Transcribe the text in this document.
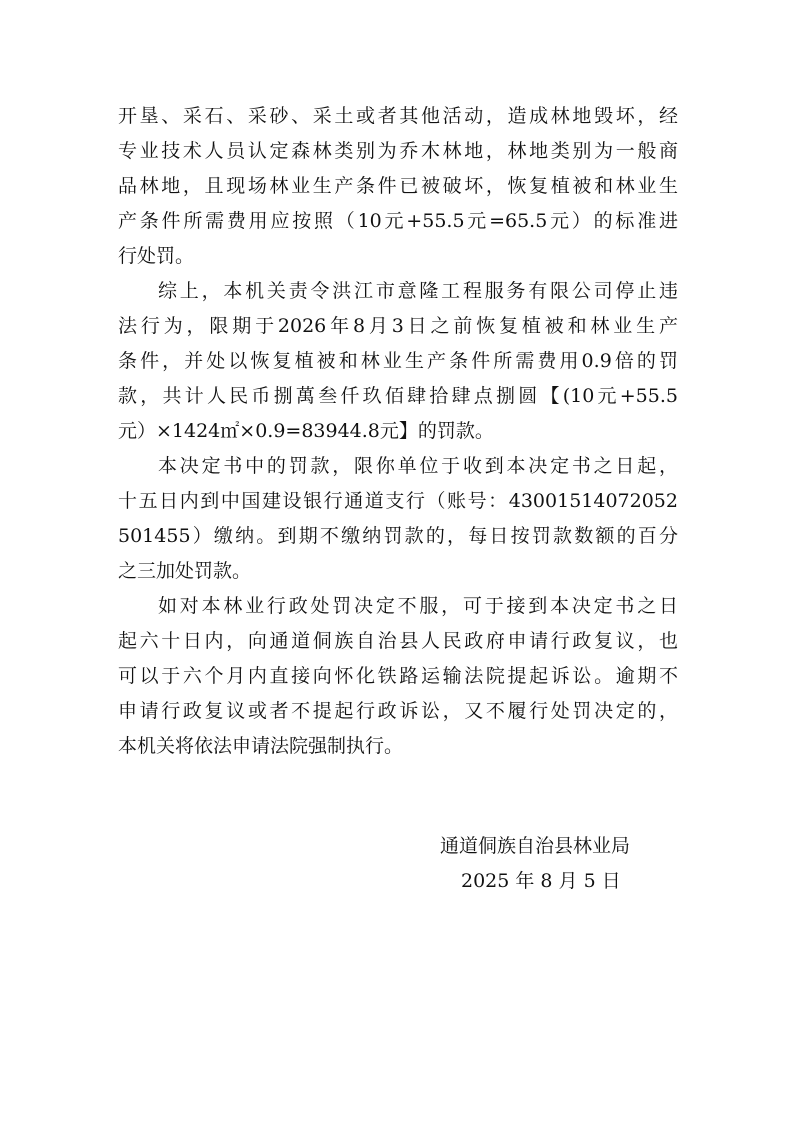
开垦、采石、采砂、采土或者其他活动，造成林地毁坏，经
专业技术人员认定森林类别为乔木林地，林地类别为一般商
品林地，且现场林业生产条件已被破坏，恢复植被和林业生
产条件所需费用应按照（10元+55.5元=65.5元）的标准进
行处罚。
综上，本机关责令洪江市意隆工程服务有限公司停止违
法行为，限期于2026年8月3日之前恢复植被和林业生产
条件，并处以恢复植被和林业生产条件所需费用0.9倍的罚
款，共计人民币捌萬叁仟玖佰肆拾肆点捌圆【(10元+55.5
元）×1424㎡×0.9=83944.8元】的罚款。
本决定书中的罚款，限你单位于收到本决定书之日起，
十五日内到中国建设银行通道支行（账号：43001514072052
501455）缴纳。到期不缴纳罚款的，每日按罚款数额的百分
之三加处罚款。
如对本林业行政处罚决定不服，可于接到本决定书之日
起六十日内，向通道侗族自治县人民政府申请行政复议，也
可以于六个月内直接向怀化铁路运输法院提起诉讼。逾期不
申请行政复议或者不提起行政诉讼，又不履行处罚决定的，
本机关将依法申请法院强制执行。
通道侗族自治县林业局
2025 年 8 月 5 日
